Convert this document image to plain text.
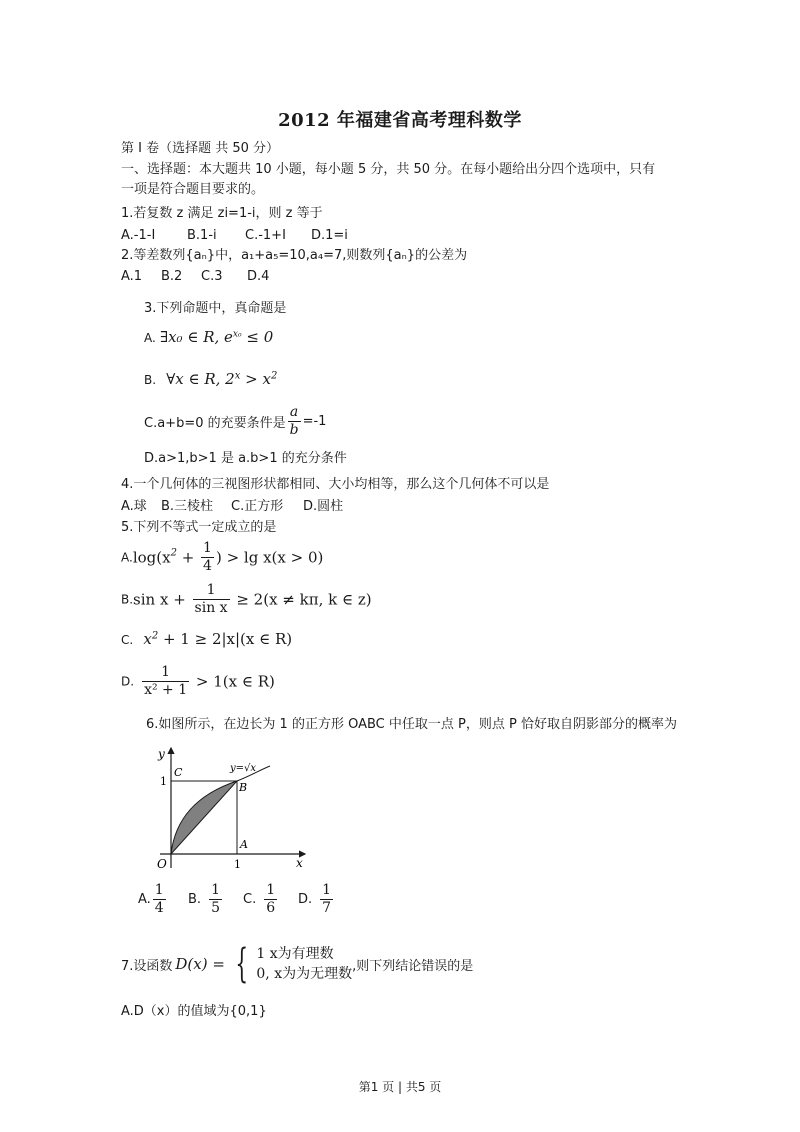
2012 年福建省高考理科数学
第 I 卷（选择题 共 50 分）
一、选择题：本大题共 10 小题，每小题 5 分，共 50 分。在每小题给出分四个选项中，只有
一项是符合题目要求的。
1.若复数 z 满足 zi=1-i，则 z 等于
A.-1-I B.1-i C.-1+I D.1=i
2.等差数列{aₙ}中，a₁+a₅=10,a₄=7,则数列{aₙ}的公差为
A.1 B.2 C.3 D.4
3.下列命题中，真命题是
A. ∃x₀ ∈ R, $e^{x_0} \le 0$
B. ∀x ∈ R, $2^x > x^2$
C.a+b=0 的充要条件是 $\frac{a}{b} =-1$
D.a>1,b>1 是 a.b>1 的充分条件
4.一个几何体的三视图形状都相同、大小均相等，那么这个几何体不可以是
A.球 B.三棱柱 C.正方形 D.圆柱
5.下列不等式一定成立的是
$A.\log(x^2 + \frac{1}{4}$ ) > lg x(x > 0)
B.sin $x + \frac{1}{\text{sin x}} \ge 2(x \ne k\pi$, k ∈ z)
C. $x^2 + 1 \ge 2|x|(x$ ∈ R)
D. $\frac{1}{\text{x² + 1}} > 1(x$ ∈ R)
6.如图所示，在边长为 1 的正方形 OABC 中任取一点 P，则点 P 恰好取自阴影部分的概率为
y
x
O
C
B
A
1
1
y=√x
A. $\frac{1}{4} B$. $\frac{1}{5} C$. $\frac{1}{6} D$. $\frac{1}{7}$
7.设函数 D(x) = { 1 x为有理数
0, x为为无理数 ,则下列结论错误的是
A.D（x）的值域为{0,1}
第1 页 | 共5 页
